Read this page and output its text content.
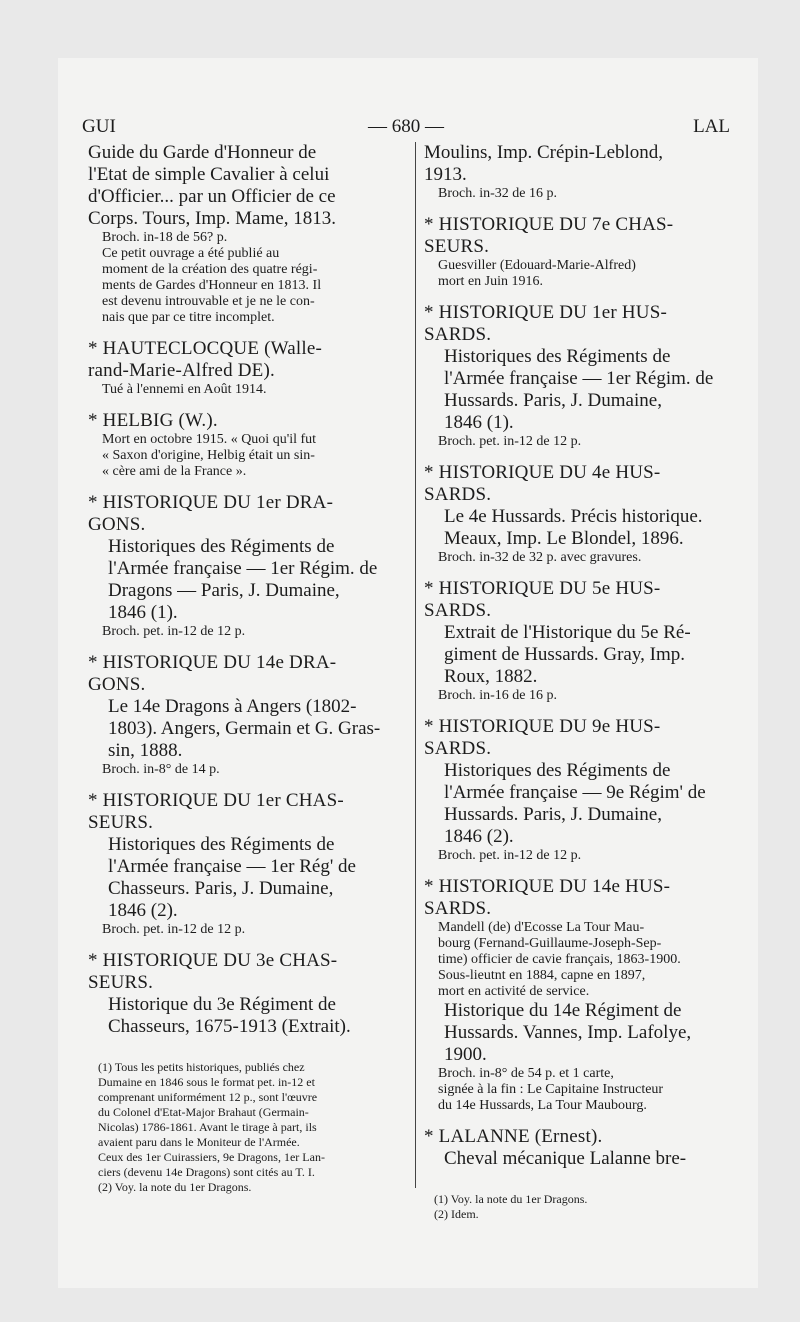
GUI	— 680 —	LAL
Guide du Garde d'Honneur de
l'Etat de simple Cavalier à celui
d'Officier... par un Officier de ce
Corps. Tours, Imp. Mame, 1813.
Broch. in-18 de 56? p.
Ce petit ouvrage a été publié au
moment de la création des quatre régi-
ments de Gardes d'Honneur en 1813. Il
est devenu introuvable et je ne le con-
nais que par ce titre incomplet.
* HAUTECLOCQUE (Walle-
rand-Marie-Alfred DE).
Tué à l'ennemi en Août 1914.
* HELBIG (W.).
Mort en octobre 1915. « Quoi qu'il fut
« Saxon d'origine, Helbig était un sin-
« cère ami de la France ».
* HISTORIQUE DU 1er DRA-
GONS.
Historiques des Régiments de
l'Armée française — 1er Régim. de
Dragons — Paris, J. Dumaine,
1846 (1).
Broch. pet. in-12 de 12 p.
* HISTORIQUE DU 14e DRA-
GONS.
Le 14e Dragons à Angers (1802-
1803). Angers, Germain et G. Gras-
sin, 1888.
Broch. in-8° de 14 p.
* HISTORIQUE DU 1er CHAS-
SEURS.
Historiques des Régiments de
l'Armée française — 1er Rég' de
Chasseurs. Paris, J. Dumaine,
1846 (2).
Broch. pet. in-12 de 12 p.
* HISTORIQUE DU 3e CHAS-
SEURS.
Historique du 3e Régiment de
Chasseurs, 1675-1913 (Extrait).
(1) Tous les petits historiques, publiés chez
Dumaine en 1846 sous le format pet. in-12 et
comprenant uniformément 12 p., sont l'œuvre
du Colonel d'Etat-Major Brahaut (Germain-
Nicolas) 1786-1861. Avant le tirage à part, ils
avaient paru dans le Moniteur de l'Armée.
Ceux des 1er Cuirassiers, 9e Dragons, 1er Lan-
ciers (devenu 14e Dragons) sont cités au T. I.
(2) Voy. la note du 1er Dragons.
Moulins, Imp. Crépin-Leblond,
1913.
Broch. in-32 de 16 p.
* HISTORIQUE DU 7e CHAS-
SEURS.
Guesviller (Edouard-Marie-Alfred)
mort en Juin 1916.
* HISTORIQUE DU 1er HUS-
SARDS.
Historiques des Régiments de
l'Armée française — 1er Régim. de
Hussards. Paris, J. Dumaine,
1846 (1).
Broch. pet. in-12 de 12 p.
* HISTORIQUE DU 4e HUS-
SARDS.
Le 4e Hussards. Précis historique.
Meaux, Imp. Le Blondel, 1896.
Broch. in-32 de 32 p. avec gravures.
* HISTORIQUE DU 5e HUS-
SARDS.
Extrait de l'Historique du 5e Ré-
giment de Hussards. Gray, Imp.
Roux, 1882.
Broch. in-16 de 16 p.
* HISTORIQUE DU 9e HUS-
SARDS.
Historiques des Régiments de
l'Armée française — 9e Régim' de
Hussards. Paris, J. Dumaine,
1846 (2).
Broch. pet. in-12 de 12 p.
* HISTORIQUE DU 14e HUS-
SARDS.
Mandell (de) d'Ecosse La Tour Mau-
bourg (Fernand-Guillaume-Joseph-Sep-
time) officier de cavie français, 1863-1900.
Sous-lieutnt en 1884, capne en 1897,
mort en activité de service.
Historique du 14e Régiment de
Hussards. Vannes, Imp. Lafolye,
1900.
Broch. in-8° de 54 p. et 1 carte,
signée à la fin : Le Capitaine Instructeur
du 14e Hussards, La Tour Maubourg.
* LALANNE (Ernest).
Cheval mécanique Lalanne bre-
(1) Voy. la note du 1er Dragons.
(2) Idem.
